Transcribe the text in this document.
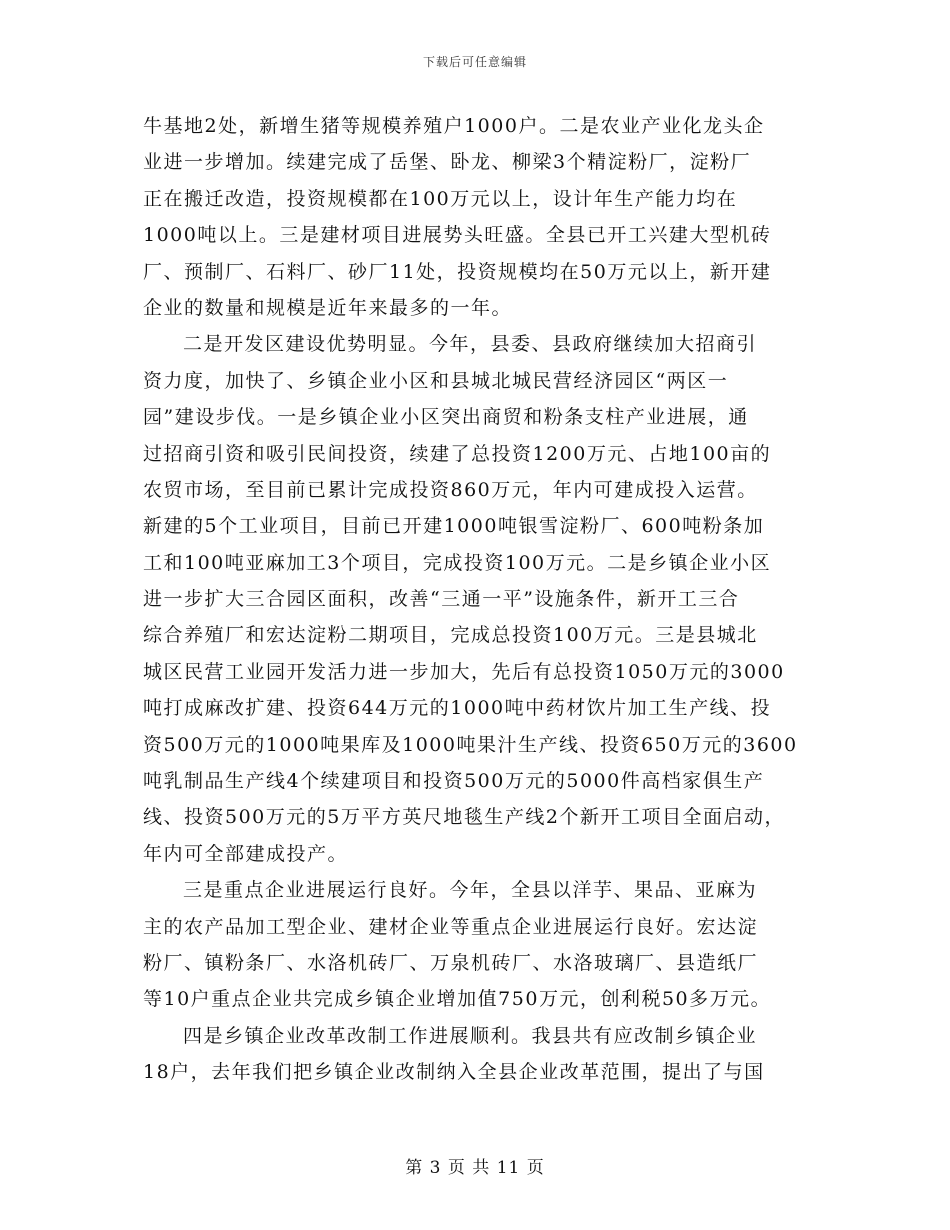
下载后可任意编辑
牛基地2处，新增生猪等规模养殖户1000户。二是农业产业化龙头企
业进一步增加。续建完成了岳堡、卧龙、柳梁3个精淀粉厂，淀粉厂
正在搬迁改造，投资规模都在100万元以上，设计年生产能力均在
1000吨以上。三是建材项目进展势头旺盛。全县已开工兴建大型机砖
厂、预制厂、石料厂、砂厂11处，投资规模均在50万元以上，新开建
企业的数量和规模是近年来最多的一年。
二是开发区建设优势明显。今年，县委、县政府继续加大招商引
资力度，加快了、乡镇企业小区和县城北城民营经济园区“两区一
园”建设步伐。一是乡镇企业小区突出商贸和粉条支柱产业进展，通
过招商引资和吸引民间投资，续建了总投资1200万元、占地100亩的
农贸市场，至目前已累计完成投资860万元，年内可建成投入运营。
新建的5个工业项目，目前已开建1000吨银雪淀粉厂、600吨粉条加
工和100吨亚麻加工3个项目，完成投资100万元。二是乡镇企业小区
进一步扩大三合园区面积，改善“三通一平”设施条件，新开工三合
综合养殖厂和宏达淀粉二期项目，完成总投资100万元。三是县城北
城区民营工业园开发活力进一步加大，先后有总投资1050万元的3000
吨打成麻改扩建、投资644万元的1000吨中药材饮片加工生产线、投
资500万元的1000吨果库及1000吨果汁生产线、投资650万元的3600
吨乳制品生产线4个续建项目和投资500万元的5000件高档家俱生产
线、投资500万元的5万平方英尺地毯生产线2个新开工项目全面启动，
年内可全部建成投产。
三是重点企业进展运行良好。今年，全县以洋芋、果品、亚麻为
主的农产品加工型企业、建材企业等重点企业进展运行良好。宏达淀
粉厂、镇粉条厂、水洛机砖厂、万泉机砖厂、水洛玻璃厂、县造纸厂
等10户重点企业共完成乡镇企业增加值750万元，创利税50多万元。
四是乡镇企业改革改制工作进展顺利。我县共有应改制乡镇企业
18户，去年我们把乡镇企业改制纳入全县企业改革范围，提出了与国
第 3 页 共 11 页
